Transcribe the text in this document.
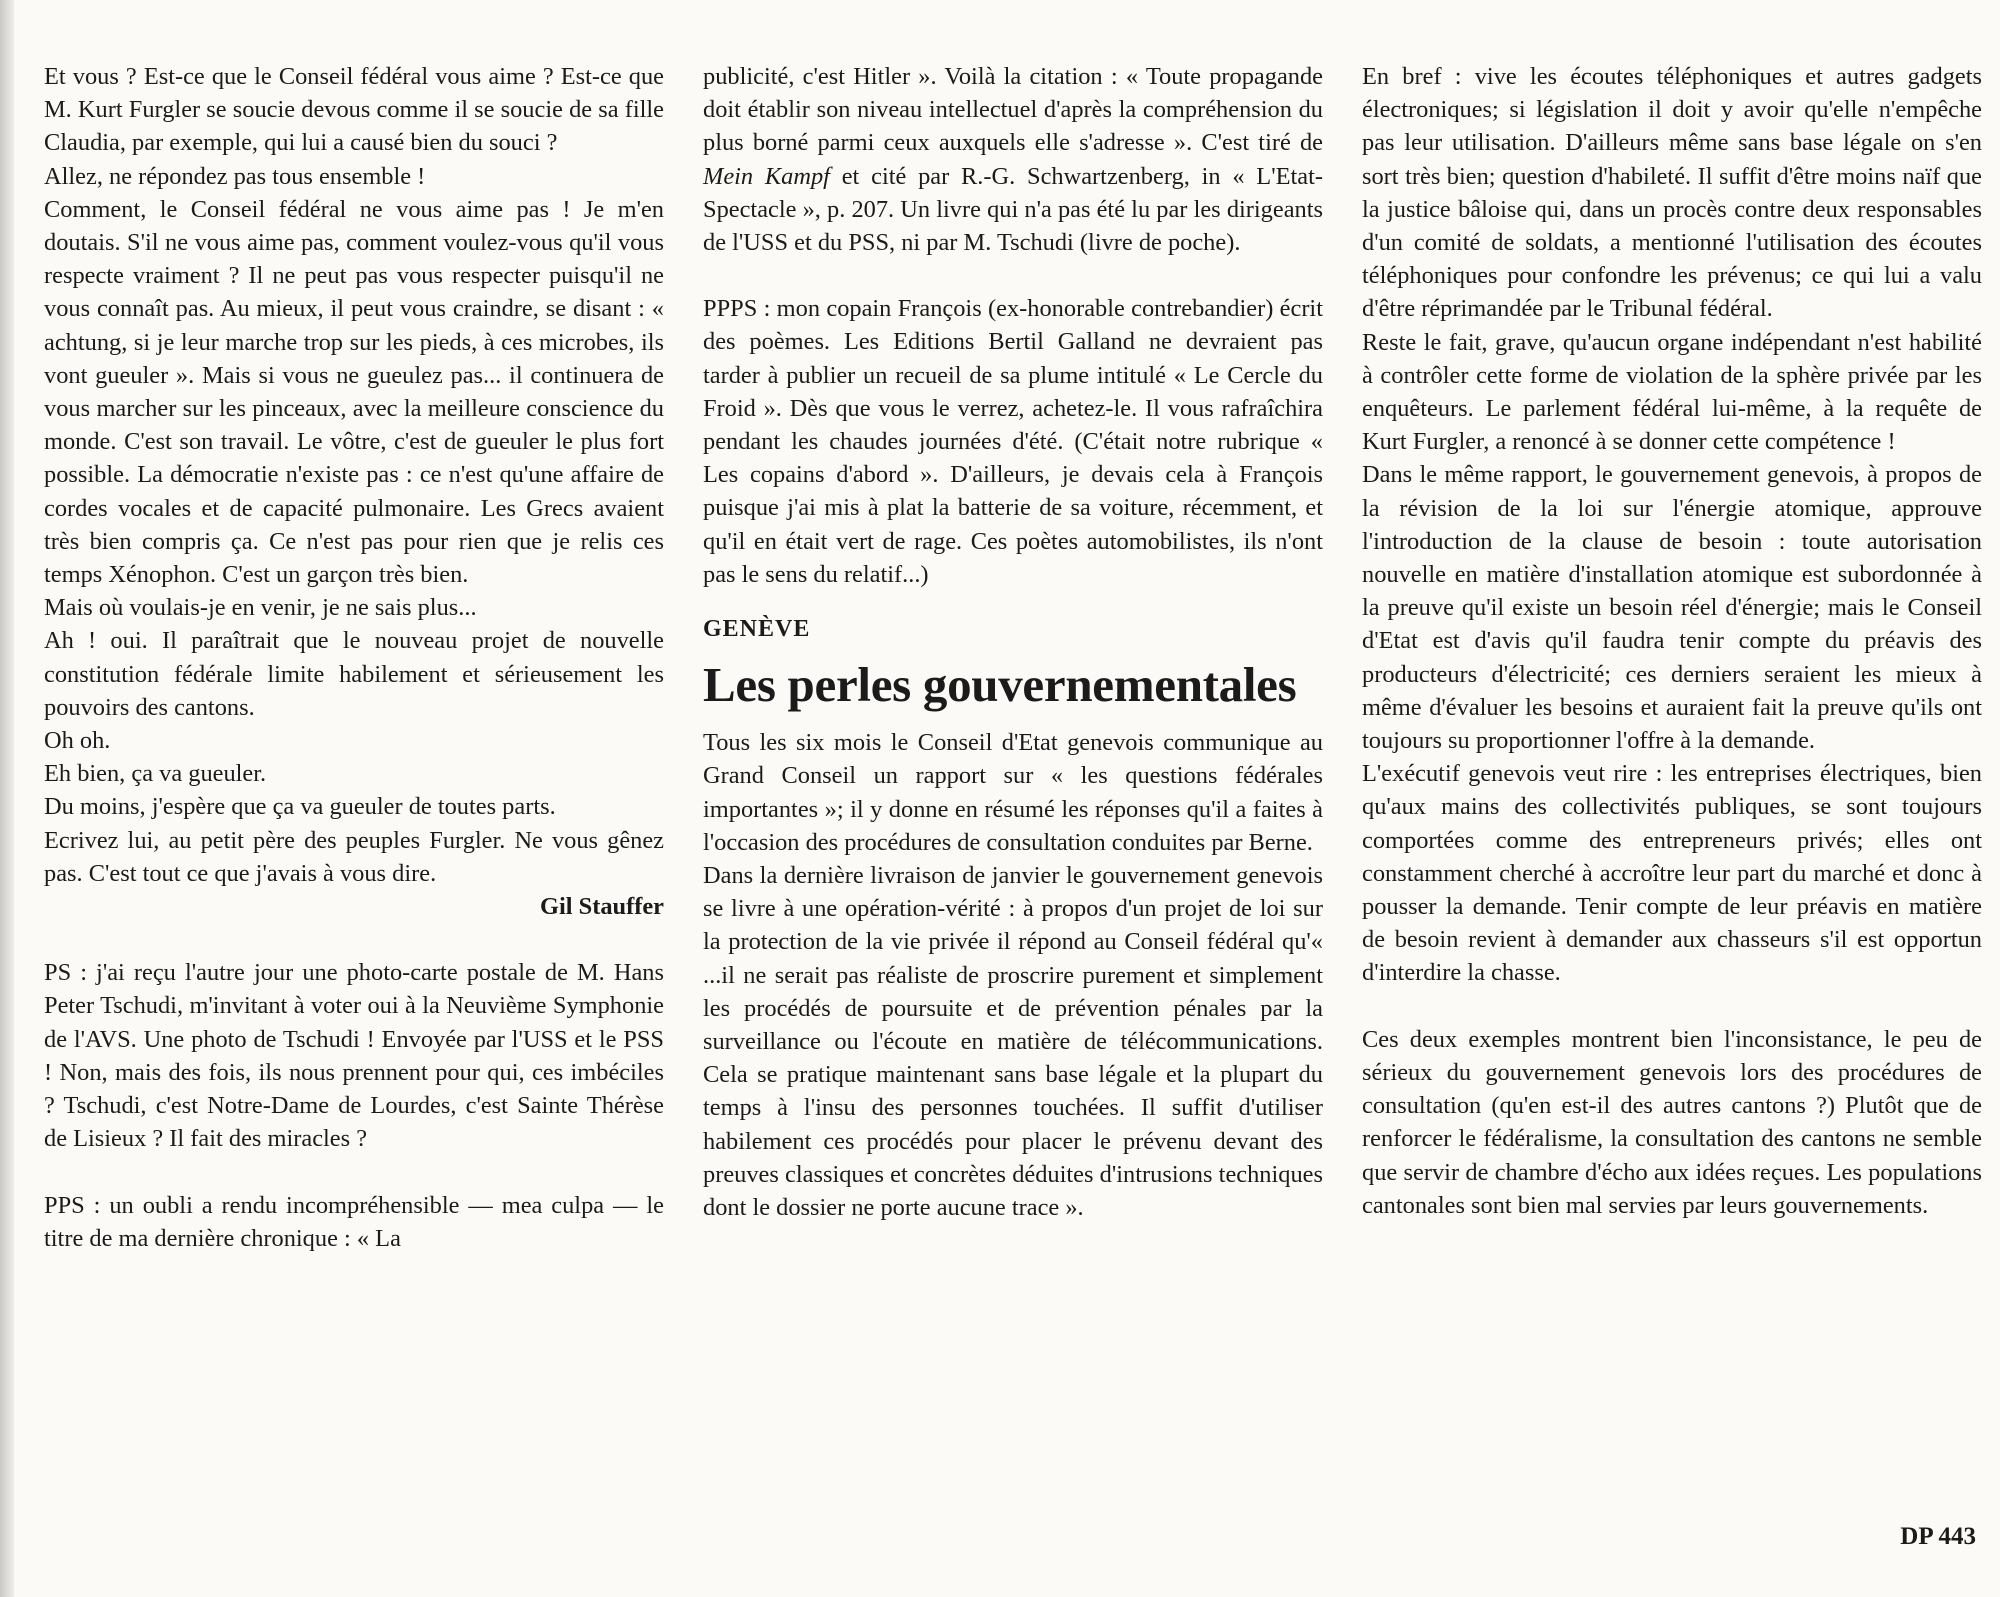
Et vous ? Est-ce que le Conseil fédéral vous aime ? Est-ce que M. Kurt Furgler se soucie devous comme il se soucie de sa fille Claudia, par exemple, qui lui a causé bien du souci ?

Allez, ne répondez pas tous ensemble !

Comment, le Conseil fédéral ne vous aime pas ! Je m'en doutais. S'il ne vous aime pas, comment voulez-vous qu'il vous respecte vraiment ? Il ne peut pas vous respecter puisqu'il ne vous connaît pas. Au mieux, il peut vous craindre, se disant : « achtung, si je leur marche trop sur les pieds, à ces microbes, ils vont gueuler ». Mais si vous ne gueulez pas... il continuera de vous marcher sur les pinceaux, avec la meilleure conscience du monde. C'est son travail. Le vôtre, c'est de gueuler le plus fort possible. La démocratie n'existe pas : ce n'est qu'une affaire de cordes vocales et de capacité pulmonaire. Les Grecs avaient très bien compris ça. Ce n'est pas pour rien que je relis ces temps Xénophon. C'est un garçon très bien.

Mais où voulais-je en venir, je ne sais plus...

Ah ! oui. Il paraîtrait que le nouveau projet de nouvelle constitution fédérale limite habilement et sérieusement les pouvoirs des cantons.

Oh oh.

Eh bien, ça va gueuler.

Du moins, j'espère que ça va gueuler de toutes parts.

Ecrivez lui, au petit père des peuples Furgler. Ne vous gênez pas. C'est tout ce que j'avais à vous dire.

Gil Stauffer

PS : j'ai reçu l'autre jour une photo-carte postale de M. Hans Peter Tschudi, m'invitant à voter oui à la Neuvième Symphonie de l'AVS. Une photo de Tschudi ! Envoyée par l'USS et le PSS ! Non, mais des fois, ils nous prennent pour qui, ces imbéciles ? Tschudi, c'est Notre-Dame de Lourdes, c'est Sainte Thérèse de Lisieux ? Il fait des miracles ?

PPS : un oubli a rendu incompréhensible — mea culpa — le titre de ma dernière chronique : « La

publicité, c'est Hitler ». Voilà la citation : « Toute propagande doit établir son niveau intellectuel d'après la compréhension du plus borné parmi ceux auxquels elle s'adresse ». C'est tiré de Mein Kampf et cité par R.-G. Schwartzenberg, in « L'Etat-Spectacle », p. 207. Un livre qui n'a pas été lu par les dirigeants de l'USS et du PSS, ni par M. Tschudi (livre de poche).

PPPS : mon copain François (ex-honorable contrebandier) écrit des poèmes. Les Editions Bertil Galland ne devraient pas tarder à publier un recueil de sa plume intitulé « Le Cercle du Froid ». Dès que vous le verrez, achetez-le. Il vous rafraîchira pendant les chaudes journées d'été. (C'était notre rubrique « Les copains d'abord ». D'ailleurs, je devais cela à François puisque j'ai mis à plat la batterie de sa voiture, récemment, et qu'il en était vert de rage. Ces poètes automobilistes, ils n'ont pas le sens du relatif...)

GENÈVE
Les perles gouvernementales

Tous les six mois le Conseil d'Etat genevois communique au Grand Conseil un rapport sur « les questions fédérales importantes »; il y donne en résumé les réponses qu'il a faites à l'occasion des procédures de consultation conduites par Berne.

Dans la dernière livraison de janvier le gouvernement genevois se livre à une opération-vérité : à propos d'un projet de loi sur la protection de la vie privée il répond au Conseil fédéral qu'« ...il ne serait pas réaliste de proscrire purement et simplement les procédés de poursuite et de prévention pénales par la surveillance ou l'écoute en matière de télécommunications. Cela se pratique maintenant sans base légale et la plupart du temps à l'insu des personnes touchées. Il suffit d'utiliser habilement ces procédés pour placer le prévenu devant des preuves classiques et concrètes déduites d'intrusions techniques dont le dossier ne porte aucune trace ».

En bref : vive les écoutes téléphoniques et autres gadgets électroniques; si législation il doit y avoir qu'elle n'empêche pas leur utilisation. D'ailleurs même sans base légale on s'en sort très bien; question d'habileté. Il suffit d'être moins naïf que la justice bâloise qui, dans un procès contre deux responsables d'un comité de soldats, a mentionné l'utilisation des écoutes téléphoniques pour confondre les prévenus; ce qui lui a valu d'être réprimandée par le Tribunal fédéral.

Reste le fait, grave, qu'aucun organe indépendant n'est habilité à contrôler cette forme de violation de la sphère privée par les enquêteurs. Le parlement fédéral lui-même, à la requête de Kurt Furgler, a renoncé à se donner cette compétence !

Dans le même rapport, le gouvernement genevois, à propos de la révision de la loi sur l'énergie atomique, approuve l'introduction de la clause de besoin : toute autorisation nouvelle en matière d'installation atomique est subordonnée à la preuve qu'il existe un besoin réel d'énergie; mais le Conseil d'Etat est d'avis qu'il faudra tenir compte du préavis des producteurs d'électricité; ces derniers seraient les mieux à même d'évaluer les besoins et auraient fait la preuve qu'ils ont toujours su proportionner l'offre à la demande.

L'exécutif genevois veut rire : les entreprises électriques, bien qu'aux mains des collectivités publiques, se sont toujours comportées comme des entrepreneurs privés; elles ont constamment cherché à accroître leur part du marché et donc à pousser la demande. Tenir compte de leur préavis en matière de besoin revient à demander aux chasseurs s'il est opportun d'interdire la chasse.

Ces deux exemples montrent bien l'inconsistance, le peu de sérieux du gouvernement genevois lors des procédures de consultation (qu'en est-il des autres cantons ?) Plutôt que de renforcer le fédéralisme, la consultation des cantons ne semble que servir de chambre d'écho aux idées reçues. Les populations cantonales sont bien mal servies par leurs gouvernements.

DP 443
